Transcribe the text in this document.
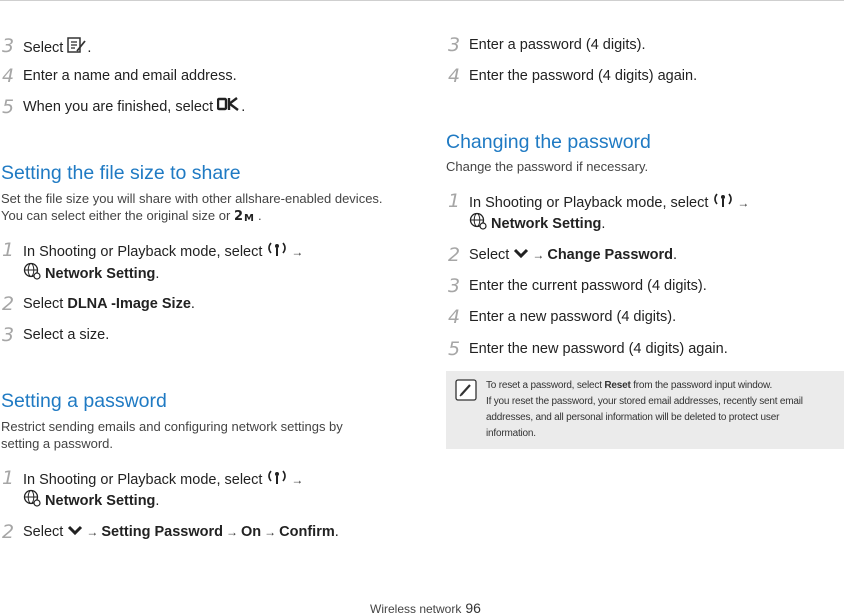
3 Select .
4 Enter a name and email address.
5 When you are finished, select .
Setting the file size to share
Set the file size you will share with other allshare-enabled devices.
You can select either the original size or 2 M .
1 In Shooting or Playback mode, select →
Network Setting.
2 Select DLNA -Image Size.
3 Select a size.
Setting a password
Restrict sending emails and configuring network settings by
setting a password.
1 In Shooting or Playback mode, select →
Network Setting.
2 Select → Setting Password → On → Confirm.
3 Enter a password (4 digits).
4 Enter the password (4 digits) again.
Changing the password
Change the password if necessary.
1 In Shooting or Playback mode, select →
Network Setting.
2 Select → Change Password.
3 Enter the current password (4 digits).
4 Enter a new password (4 digits).
5 Enter the new password (4 digits) again.
To reset a password, select Reset from the password input window.
If you reset the password, your stored email addresses, recently sent email addresses, and all personal information will be deleted to protect user information.
Wireless network 96
